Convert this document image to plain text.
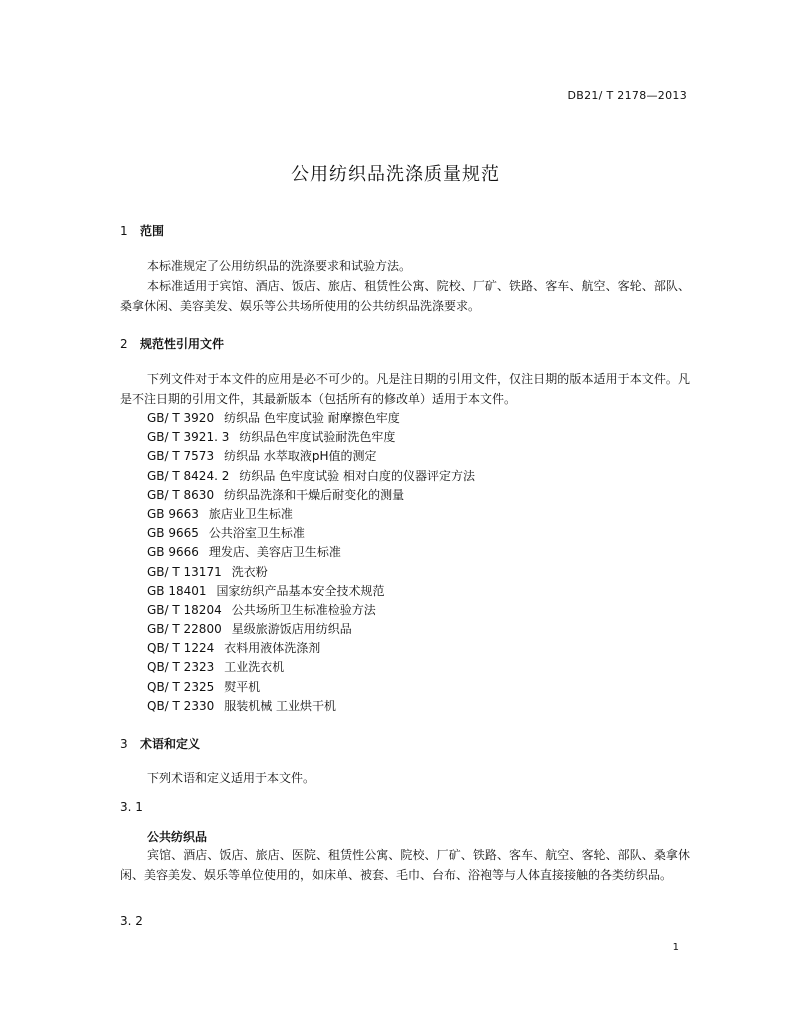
DB21/ T 2178—2013
公用纺织品洗涤质量规范
1 范围
本标准规定了公用纺织品的洗涤要求和试验方法。
本标准适用于宾馆、酒店、饭店、旅店、租赁性公寓、院校、厂矿、铁路、客车、航空、客轮、部队、桑拿休闲、美容美发、娱乐等公共场所使用的公共纺织品洗涤要求。
2 规范性引用文件
下列文件对于本文件的应用是必不可少的。凡是注日期的引用文件，仅注日期的版本适用于本文件。凡是不注日期的引用文件，其最新版本（包括所有的修改单）适用于本文件。
GB/ T 3920 纺织品 色牢度试验 耐摩擦色牢度
GB/ T 3921. 3 纺织品色牢度试验耐洗色牢度
GB/ T 7573 纺织品 水萃取液pH值的测定
GB/ T 8424. 2 纺织品 色牢度试验 相对白度的仪器评定方法
GB/ T 8630 纺织品洗涤和干燥后耐变化的测量
GB 9663 旅店业卫生标准
GB 9665 公共浴室卫生标准
GB 9666 理发店、美容店卫生标准
GB/ T 13171 洗衣粉
GB 18401 国家纺织产品基本安全技术规范
GB/ T 18204 公共场所卫生标准检验方法
GB/ T 22800 星级旅游饭店用纺织品
QB/ T 1224 衣料用液体洗涤剂
QB/ T 2323 工业洗衣机
QB/ T 2325 熨平机
QB/ T 2330 服装机械 工业烘干机
3 术语和定义
下列术语和定义适用于本文件。
3. 1
公共纺织品
宾馆、酒店、饭店、旅店、医院、租赁性公寓、院校、厂矿、铁路、客车、航空、客轮、部队、桑拿休闲、美容美发、娱乐等单位使用的，如床单、被套、毛巾、台布、浴袍等与人体直接接触的各类纺织品。
3. 2
1
